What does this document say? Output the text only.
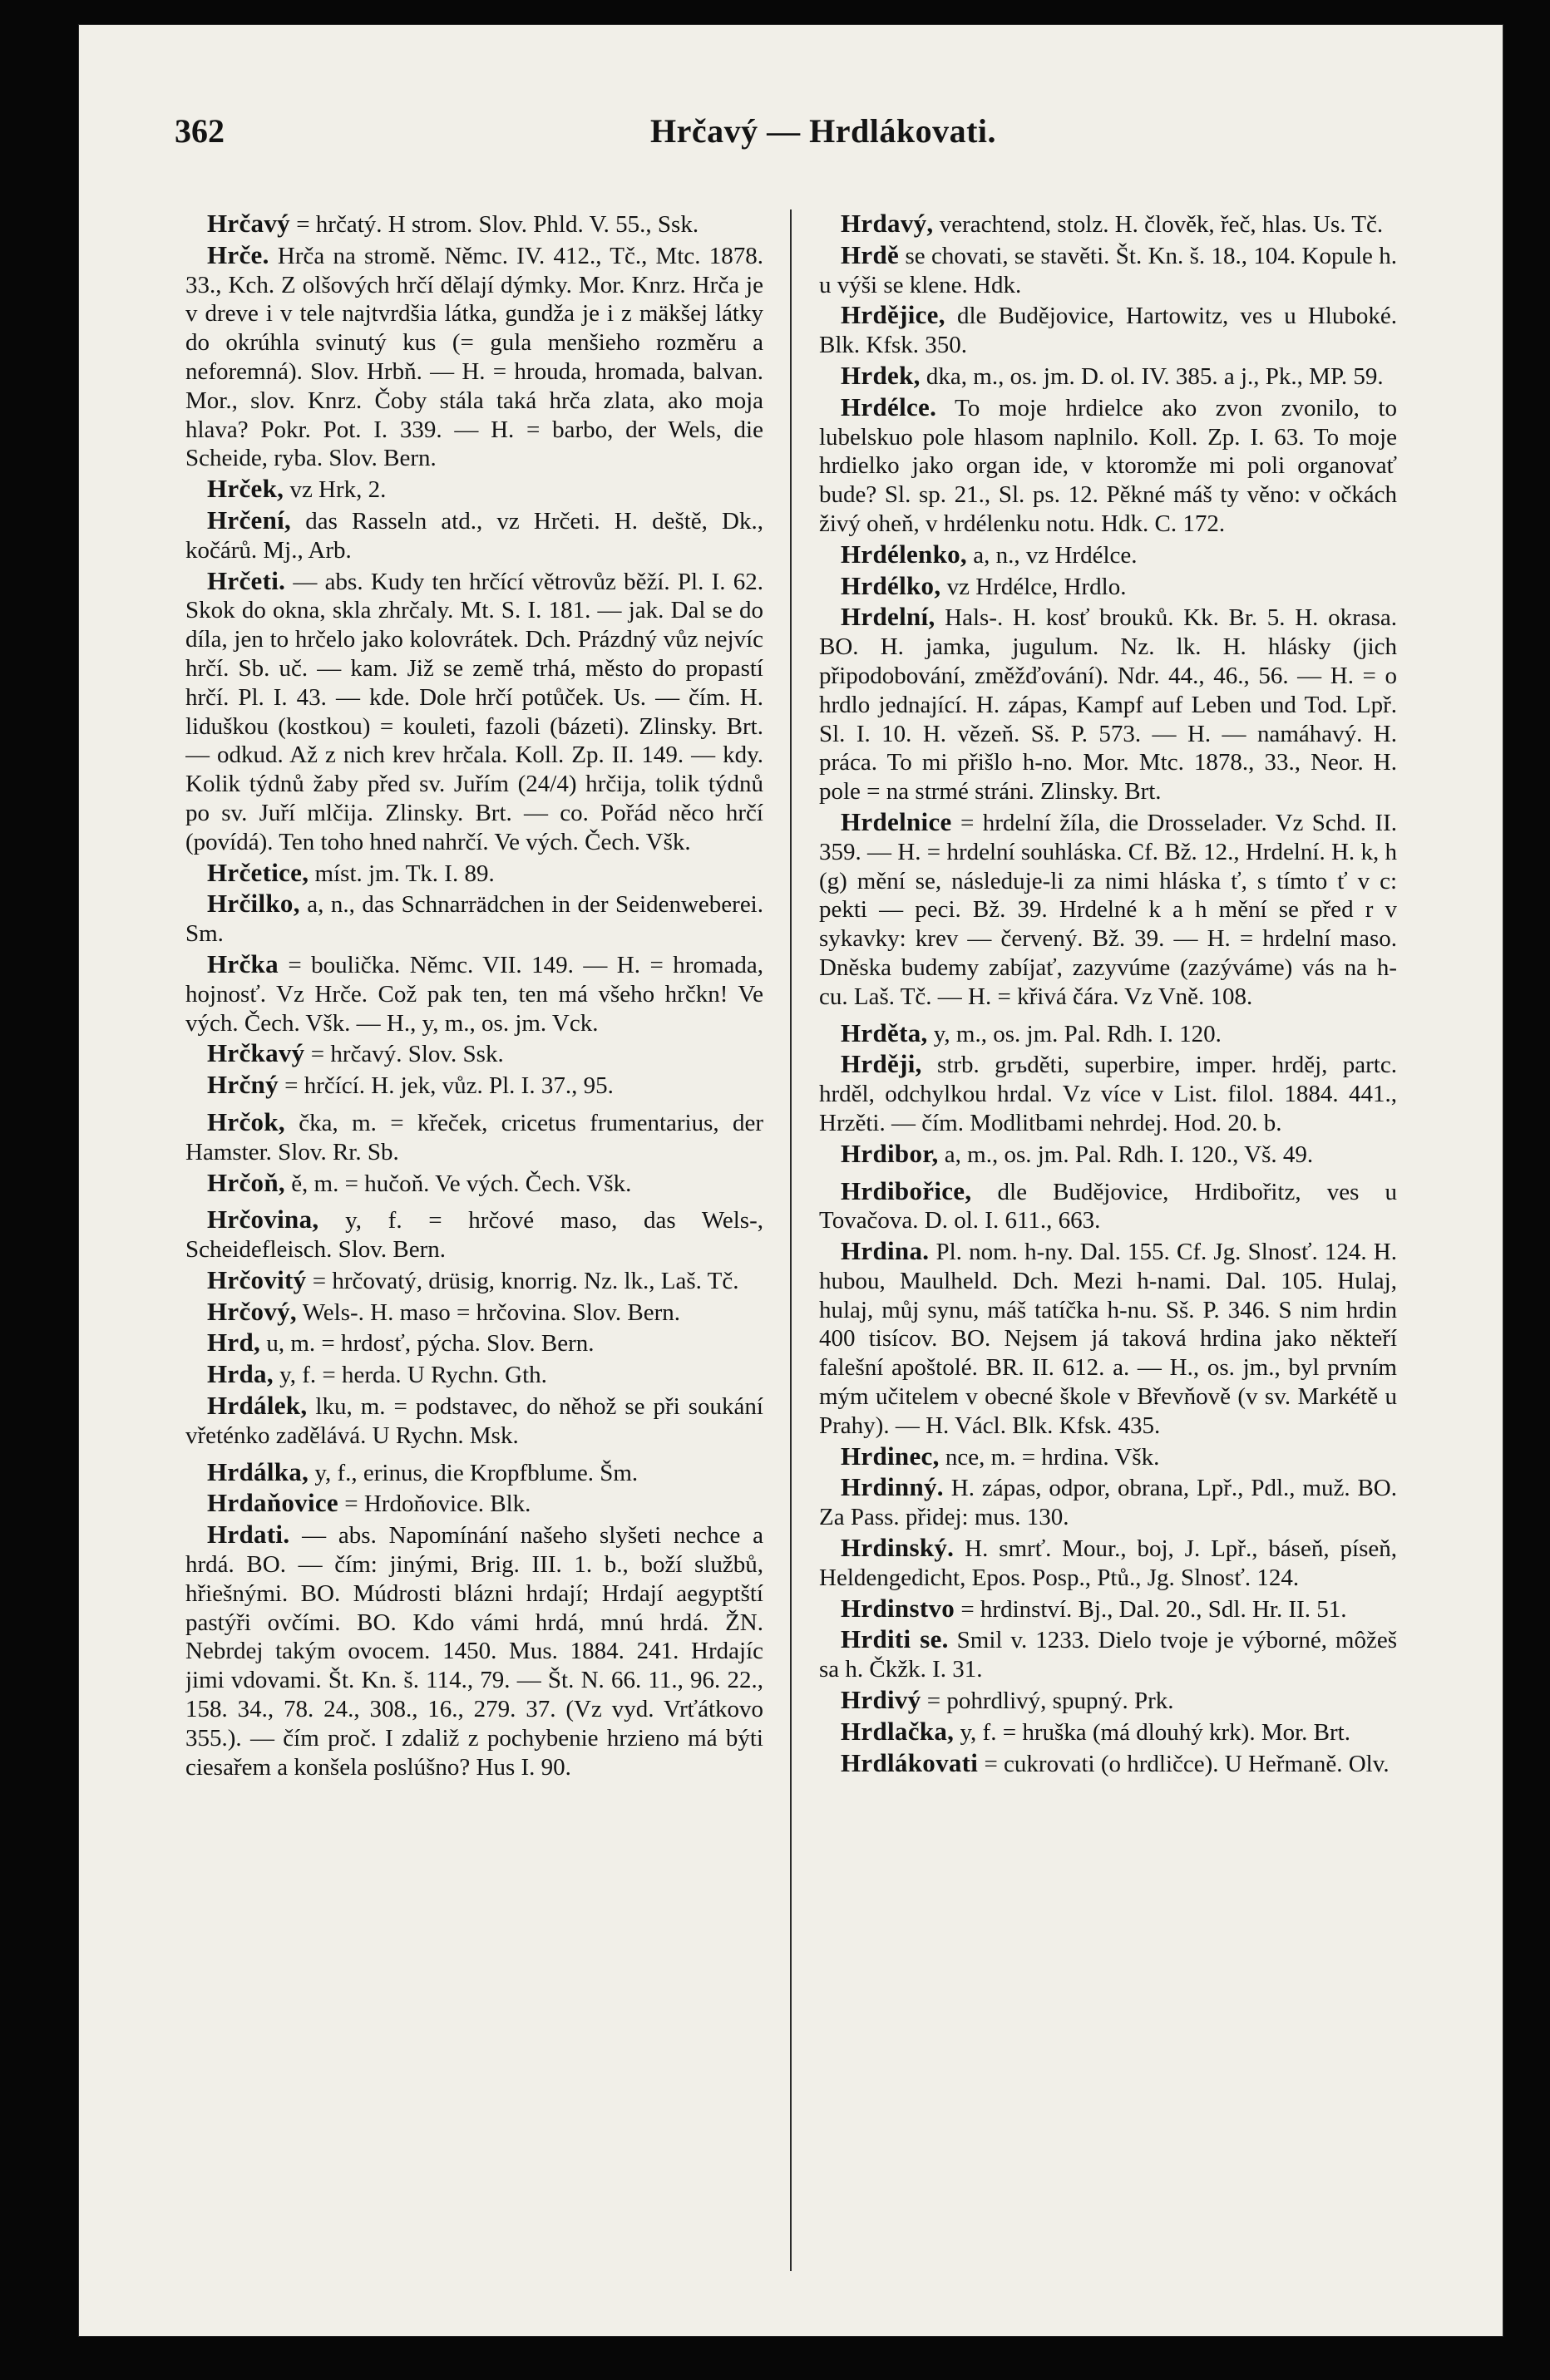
362	Hrčavý — Hrdlákovati.

Hrčavý = hrčatý. H strom. Slov. Phld. V. 55., Ssk.

Hrče. Hrča na stromě. Němc. IV. 412., Tč., Mtc. 1878. 33., Kch. Z olšových hrčí dělají dýmky. Mor. Knrz. Hrča je v dreve i v tele najtvrdšia látka, gundža je i z mäkšej látky do okrúhla svinutý kus (= gula menšieho rozměru a neforemná). Slov. Hrbň. — H. = hrouda, hromada, balvan. Mor., slov. Knrz. Čoby stála taká hrča zlata, ako moja hlava? Pokr. Pot. I. 339. — H. = barbo, der Wels, die Scheide, ryba. Slov. Bern.

Hrček, vz Hrk, 2.

Hrčení, das Rasseln atd., vz Hrčeti. H. deště, Dk., kočárů. Mj., Arb.

Hrčeti. — abs. Kudy ten hrčící větrovůz běží. Pl. I. 62. Skok do okna, skla zhrčaly. Mt. S. I. 181. — jak. Dal se do díla, jen to hrčelo jako kolovrátek. Dch. Prázdný vůz nejvíc hrčí. Sb. uč. — kam. Již se země trhá, město do propastí hrčí. Pl. I. 43. — kde. Dole hrčí potůček. Us. — čím. H. liduškou (kostkou) = kouleti, fazoli (bázeti). Zlinsky. Brt. — odkud. Až z nich krev hrčala. Koll. Zp. II. 149. — kdy. Kolik týdnů žaby před sv. Juřím (24/4) hrčija, tolik týdnů po sv. Juří mlčija. Zlinsky. Brt. — co. Pořád něco hrčí (povídá). Ten toho hned nahrčí. Ve vých. Čech. Všk.

Hrčetice, míst. jm. Tk. I. 89.

Hrčilko, a, n., das Schnarrädchen in der Seidenweberei. Sm.

Hrčka = boulička. Němc. VII. 149. — H. = hromada, hojnosť. Vz Hrče. Což pak ten, ten má všeho hrčkn! Ve vých. Čech. Všk. — H., y, m., os. jm. Vck.

Hrčkavý = hrčavý. Slov. Ssk.

Hrčný = hrčící. H. jek, vůz. Pl. I. 37., 95.

Hrčok, čka, m. = křeček, cricetus frumentarius, der Hamster. Slov. Rr. Sb.

Hrčoň, ě, m. = hučoň. Ve vých. Čech. Všk.

Hrčovina, y, f. = hrčové maso, das Wels-, Scheidefleisch. Slov. Bern.

Hrčovitý = hrčovatý, drüsig, knorrig. Nz. lk., Laš. Tč.

Hrčový, Wels-. H. maso = hrčovina. Slov. Bern.

Hrd, u, m. = hrdosť, pýcha. Slov. Bern.

Hrda, y, f. = herda. U Rychn. Gth.

Hrdálek, lku, m. = podstavec, do něhož se při soukání vřeténko zadělává. U Rychn. Msk.

Hrdálka, y, f., erinus, die Kropfblume. Šm.

Hrdaňovice = Hrdoňovice. Blk.

Hrdati. — abs. Napomínání našeho slyšeti nechce a hrdá. BO. — čím: jinými, Brig. III. 1. b., boží službů, hřiešnými. BO. Múdrosti blázni hrdají; Hrdají aegyptští pastýři ovčími. BO. Kdo vámi hrdá, mnú hrdá. ŽN. Nebrdej takým ovocem. 1450. Mus. 1884. 241. Hrdajíc jimi vdovami. Št. Kn. š. 114., 79. — Št. N. 66. 11., 96. 22., 158. 34., 78. 24., 308., 16., 279. 37. (Vz vyd. Vrťátkovo 355.). — čím proč. I zdaliž z pochybenie hrzieno má býti ciesařem a konšela poslúšno? Hus I. 90.

Hrdavý, verachtend, stolz. H. člověk, řeč, hlas. Us. Tč.

Hrdě se chovati, se stavěti. Št. Kn. š. 18., 104. Kopule h. u výši se klene. Hdk.

Hrdějice, dle Budějovice, Hartowitz, ves u Hluboké. Blk. Kfsk. 350.

Hrdek, dka, m., os. jm. D. ol. IV. 385. a j., Pk., MP. 59.

Hrdélce. To moje hrdielce ako zvon zvonilo, to lubelskuo pole hlasom naplnilo. Koll. Zp. I. 63. To moje hrdielko jako organ ide, v ktoromže mi poli organovať bude? Sl. sp. 21., Sl. ps. 12. Pěkné máš ty věno: v očkách živý oheň, v hrdélenku notu. Hdk. C. 172.

Hrdélenko, a, n., vz Hrdélce.

Hrdélko, vz Hrdélce, Hrdlo.

Hrdelní, Hals-. H. kosť brouků. Kk. Br. 5. H. okrasa. BO. H. jamka, jugulum. Nz. lk. H. hlásky (jich připodobování, změžďování). Ndr. 44., 46., 56. — H. = o hrdlo jednající. H. zápas, Kampf auf Leben und Tod. Lpř. Sl. I. 10. H. vězeň. Sš. P. 573. — H. — namáhavý. H. práca. To mi přišlo h-no. Mor. Mtc. 1878., 33., Neor. H. pole = na strmé stráni. Zlinsky. Brt.

Hrdelnice = hrdelní žíla, die Drosselader. Vz Schd. II. 359. — H. = hrdelní souhláska. Cf. Bž. 12., Hrdelní. H. k, h (g) mění se, následuje-li za nimi hláska ť, s tímto ť v c: pekti — peci. Bž. 39. Hrdelné k a h mění se před r v sykavky: krev — červený. Bž. 39. — H. = hrdelní maso. Dněska budemy zabíjať, zazyvúme (zazýváme) vás na h-cu. Laš. Tč. — H. = křivá čára. Vz Vně. 108.

Hrděta, y, m., os. jm. Pal. Rdh. I. 120.

Hrději, strb. grъdětі, superbire, imper. hrděj, partc. hrděl, odchylkou hrdal. Vz více v List. filol. 1884. 441., Hrzěti. — čím. Modlitbami nehrdej. Hod. 20. b.

Hrdibor, a, m., os. jm. Pal. Rdh. I. 120., Vš. 49.

Hrdibořice, dle Budějovice, Hrdibořitz, ves u Tovačova. D. ol. I. 611., 663.

Hrdina. Pl. nom. h-ny. Dal. 155. Cf. Jg. Slnosť. 124. H. hubou, Maulheld. Dch. Mezi h-nami. Dal. 105. Hulaj, hulaj, můj synu, máš tatíčka h-nu. Sš. P. 346. S nim hrdin 400 tisícov. BO. Nejsem já taková hrdina jako někteří falešní apoštolé. BR. II. 612. a. — H., os. jm., byl prvním mým učitelem v obecné škole v Břevňově (v sv. Markétě u Prahy). — H. Václ. Blk. Kfsk. 435.

Hrdinec, nce, m. = hrdina. Všk.

Hrdinný. H. zápas, odpor, obrana, Lpř., Pdl., muž. BO. Za Pass. přidej: mus. 130.

Hrdinský. H. smrť. Mour., boj, J. Lpř., báseň, píseň, Heldengedicht, Epos. Posp., Ptů., Jg. Slnosť. 124.

Hrdinstvo = hrdinství. Bj., Dal. 20., Sdl. Hr. II. 51.

Hrditi se. Smil v. 1233. Dielo tvoje je výborné, môžeš sa h. Čkžk. I. 31.

Hrdivý = pohrdlivý, spupný. Prk.

Hrdlačka, y, f. = hruška (má dlouhý krk). Mor. Brt.

Hrdlákovati = cukrovati (o hrdličce). U Heřmaně. Olv.
